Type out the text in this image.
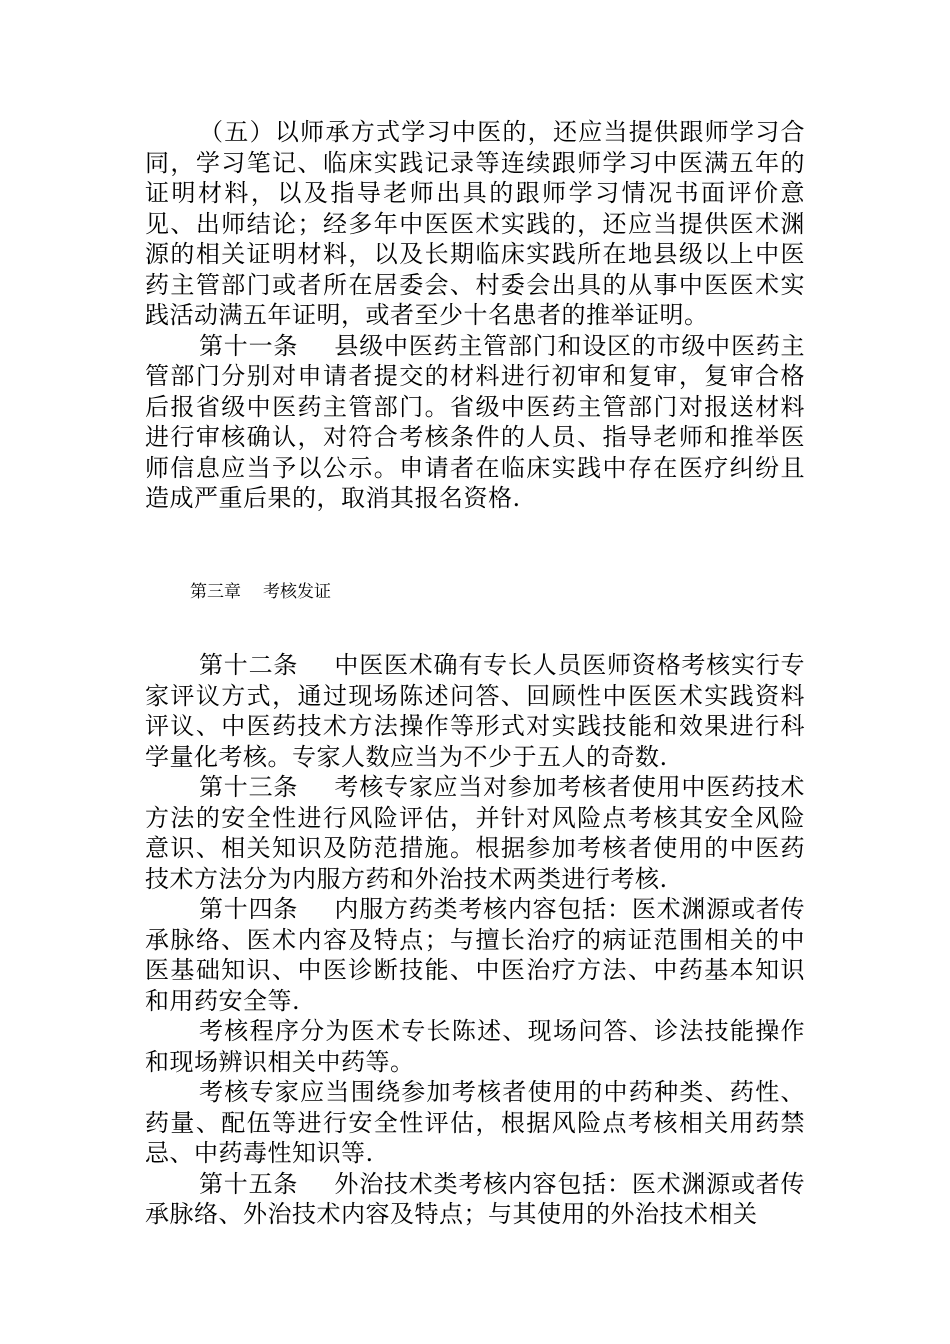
（五）以师承方式学习中医的，还应当提供跟师学习合同，学习笔记、临床实践记录等连续跟师学习中医满五年的证明材料，以及指导老师出具的跟师学习情况书面评价意见、出师结论；经多年中医医术实践的，还应当提供医术渊源的相关证明材料，以及长期临床实践所在地县级以上中医药主管部门或者所在居委会、村委会出具的从事中医医术实践活动满五年证明，或者至少十名患者的推举证明。
第十一条 县级中医药主管部门和设区的市级中医药主管部门分别对申请者提交的材料进行初审和复审，复审合格后报省级中医药主管部门。省级中医药主管部门对报送材料进行审核确认，对符合考核条件的人员、指导老师和推举医师信息应当予以公示。申请者在临床实践中存在医疗纠纷且造成严重后果的，取消其报名资格.

第三章 考核发证

第十二条 中医医术确有专长人员医师资格考核实行专家评议方式，通过现场陈述问答、回顾性中医医术实践资料评议、中医药技术方法操作等形式对实践技能和效果进行科学量化考核。专家人数应当为不少于五人的奇数.
第十三条 考核专家应当对参加考核者使用中医药技术方法的安全性进行风险评估，并针对风险点考核其安全风险意识、相关知识及防范措施。根据参加考核者使用的中医药技术方法分为内服方药和外治技术两类进行考核.
第十四条 内服方药类考核内容包括：医术渊源或者传承脉络、医术内容及特点；与擅长治疗的病证范围相关的中医基础知识、中医诊断技能、中医治疗方法、中药基本知识和用药安全等.
考核程序分为医术专长陈述、现场问答、诊法技能操作和现场辨识相关中药等。
考核专家应当围绕参加考核者使用的中药种类、药性、药量、配伍等进行安全性评估，根据风险点考核相关用药禁忌、中药毒性知识等.
第十五条 外治技术类考核内容包括：医术渊源或者传承脉络、外治技术内容及特点；与其使用的外治技术相关
